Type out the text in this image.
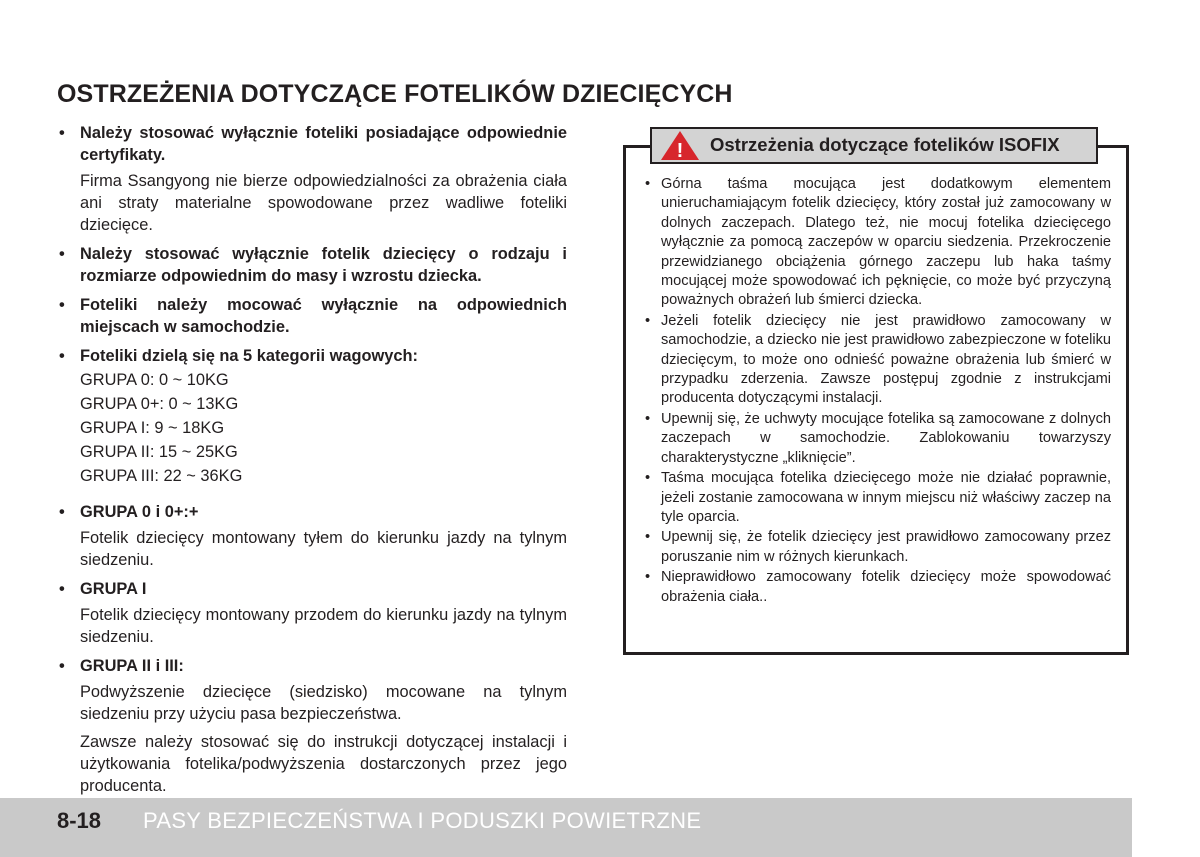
OSTRZEŻENIA DOTYCZĄCE FOTELIKÓW DZIECIĘCYCH
• Należy stosować wyłącznie foteliki posiadające odpowiednie certyfikaty.
Firma Ssangyong nie bierze odpowiedzialności za obrażenia ciała ani straty materialne spowodowane przez wadliwe foteliki dziecięce.
• Należy stosować wyłącznie fotelik dziecięcy o rodzaju i rozmiarze odpowiednim do masy i wzrostu dziecka.
• Foteliki należy mocować wyłącznie na odpowiednich miejscach w samochodzie.
• Foteliki dzielą się na 5 kategorii wagowych:
GRUPA 0: 0 ~ 10KG
GRUPA 0+: 0 ~ 13KG
GRUPA I: 9 ~ 18KG
GRUPA II: 15 ~ 25KG
GRUPA III: 22 ~ 36KG
• GRUPA 0 i 0+:+
Fotelik dziecięcy montowany tyłem do kierunku jazdy na tylnym siedzeniu.
• GRUPA I
Fotelik dziecięcy montowany przodem do kierunku jazdy na tylnym siedzeniu.
• GRUPA II i III:
Podwyższenie dziecięce (siedzisko) mocowane na tylnym siedzeniu przy użyciu pasa bezpieczeństwa.
Zawsze należy stosować się do instrukcji dotyczącej instalacji i użytkowania fotelika/podwyższenia dostarczonych przez jego producenta.
! Ostrzeżenia dotyczące fotelików ISOFIX
• Górna taśma mocująca jest dodatkowym elementem unieruchamiającym fotelik dziecięcy, który został już zamocowany w dolnych zaczepach. Dlatego też, nie mocuj fotelika dziecięcego wyłącznie za pomocą zaczepów w oparciu siedzenia. Przekroczenie przewidzianego obciążenia górnego zaczepu lub haka taśmy mocującej może spowodować ich pęknięcie, co może być przyczyną poważnych obrażeń lub śmierci dziecka.
• Jeżeli fotelik dziecięcy nie jest prawidłowo zamocowany w samochodzie, a dziecko nie jest prawidłowo zabezpieczone w foteliku dziecięcym, to może ono odnieść poważne obrażenia lub śmierć w przypadku zderzenia. Zawsze postępuj zgodnie z instrukcjami producenta dotyczącymi instalacji.
• Upewnij się, że uchwyty mocujące fotelika są zamocowane z dolnych zaczepach w samochodzie. Zablokowaniu towarzyszy charakterystyczne „kliknięcie”.
• Taśma mocująca fotelika dziecięcego może nie działać poprawnie, jeżeli zostanie zamocowana w innym miejscu niż właściwy zaczep na tyle oparcia.
• Upewnij się, że fotelik dziecięcy jest prawidłowo zamocowany przez poruszanie nim w różnych kierunkach.
• Nieprawidłowo zamocowany fotelik dziecięcy może spowodować obrażenia ciała..
8-18 PASY BEZPIECZEŃSTWA I PODUSZKI POWIETRZNE
